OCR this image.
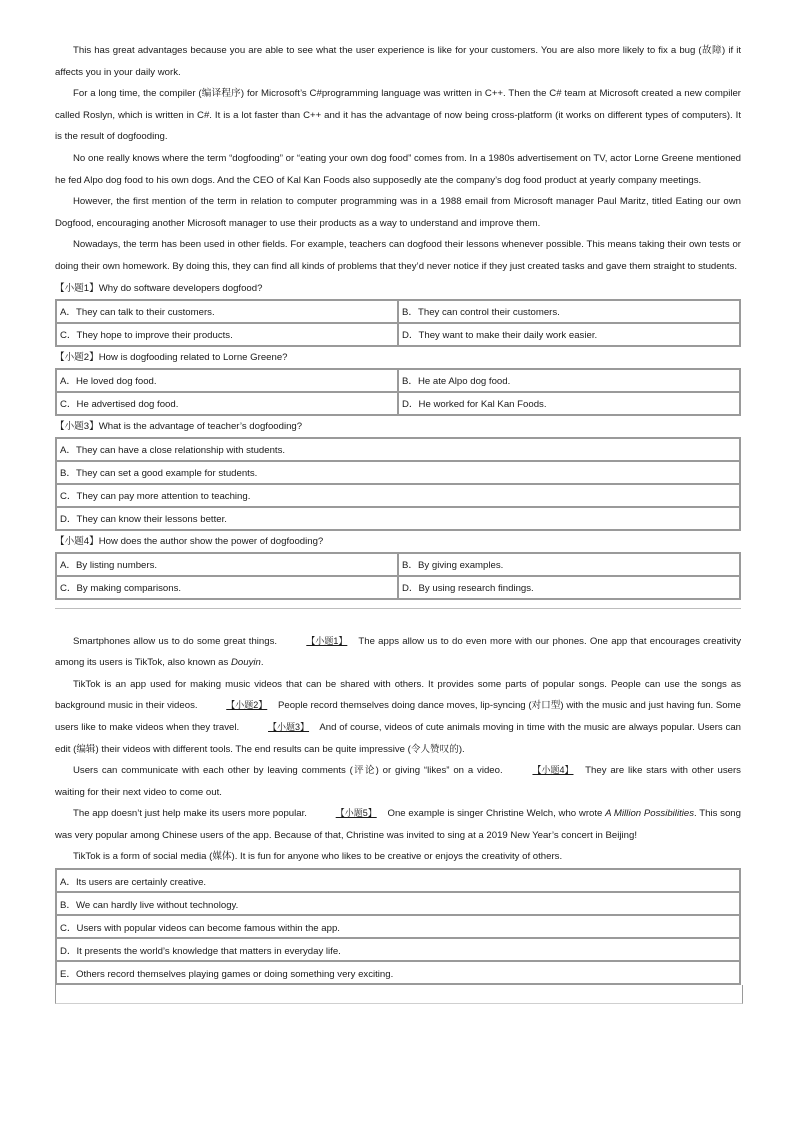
This has great advantages because you are able to see what the user experience is like for your customers. You are also more likely to fix a bug (故障) if it affects you in your daily work.

For a long time, the compiler (编译程序) for Microsoft’s C#programming language was written in C++. Then the C# team at Microsoft created a new compiler called Roslyn, which is written in C#. It is a lot faster than C++ and it has the advantage of now being cross-platform (it works on different types of computers). It is the result of dogfooding.

No one really knows where the term “dogfooding” or “eating your own dog food” comes from. In a 1980s advertisement on TV, actor Lorne Greene mentioned he fed Alpo dog food to his own dogs. And the CEO of Kal Kan Foods also supposedly ate the company’s dog food product at yearly company meetings.

However, the first mention of the term in relation to computer programming was in a 1988 email from Microsoft manager Paul Maritz, titled Eating our own Dogfood, encouraging another Microsoft manager to use their products as a way to understand and improve them.

Nowadays, the term has been used in other fields. For example, teachers can dogfood their lessons whenever possible. This means taking their own tests or doing their own homework. By doing this, they can find all kinds of problems that they’d never notice if they just created tasks and gave them straight to students.

【小题1】Why do software developers dogfood?
A．They can talk to their customers.	B．They can control their customers.
C．They hope to improve their products.	D．They want to make their daily work easier.
【小题2】How is dogfooding related to Lorne Greene?
A．He loved dog food.	B．He ate Alpo dog food.
C．He advertised dog food.	D．He worked for Kal Kan Foods.
【小题3】What is the advantage of teacher’s dogfooding?
A．They can have a close relationship with students.
B．They can set a good example for students.
C．They can pay more attention to teaching.
D．They can know their lessons better.
【小题4】How does the author show the power of dogfooding?
A．By listing numbers.	B．By giving examples.
C．By making comparisons.	D．By using research findings.

Smartphones allow us to do some great things.	【小题1】 The apps allow us to do even more with our phones. One app that encourages creativity among its users is TikTok, also known as Douyin.

TikTok is an app used for making music videos that can be shared with others. It provides some parts of popular songs. People can use the songs as background music in their videos.	【小题2】 People record themselves doing dance moves, lip-syncing (对口型) with the music and just having fun. Some users like to make videos when they travel.	【小题3】 And of course, videos of cute animals moving in time with the music are always popular. Users can edit (编辑) their videos with different tools. The end results can be quite impressive (令人赞叹的).

Users can communicate with each other by leaving comments (评论) or giving “likes” on a video.	【小题4】 They are like stars with other users waiting for their next video to come out.

The app doesn’t just help make its users more popular.	【小题5】 One example is singer Christine Welch, who wrote A Million Possibilities. This song was very popular among Chinese users of the app. Because of that, Christine was invited to sing at a 2019 New Year’s concert in Beijing!

TikTok is a form of social media (媒体). It is fun for anyone who likes to be creative or enjoys the creativity of others.

A．Its users are certainly creative.
B．We can hardly live without technology.
C．Users with popular videos can become famous within the app.
D．It presents the world’s knowledge that matters in everyday life.
E．Others record themselves playing games or doing something very exciting.
